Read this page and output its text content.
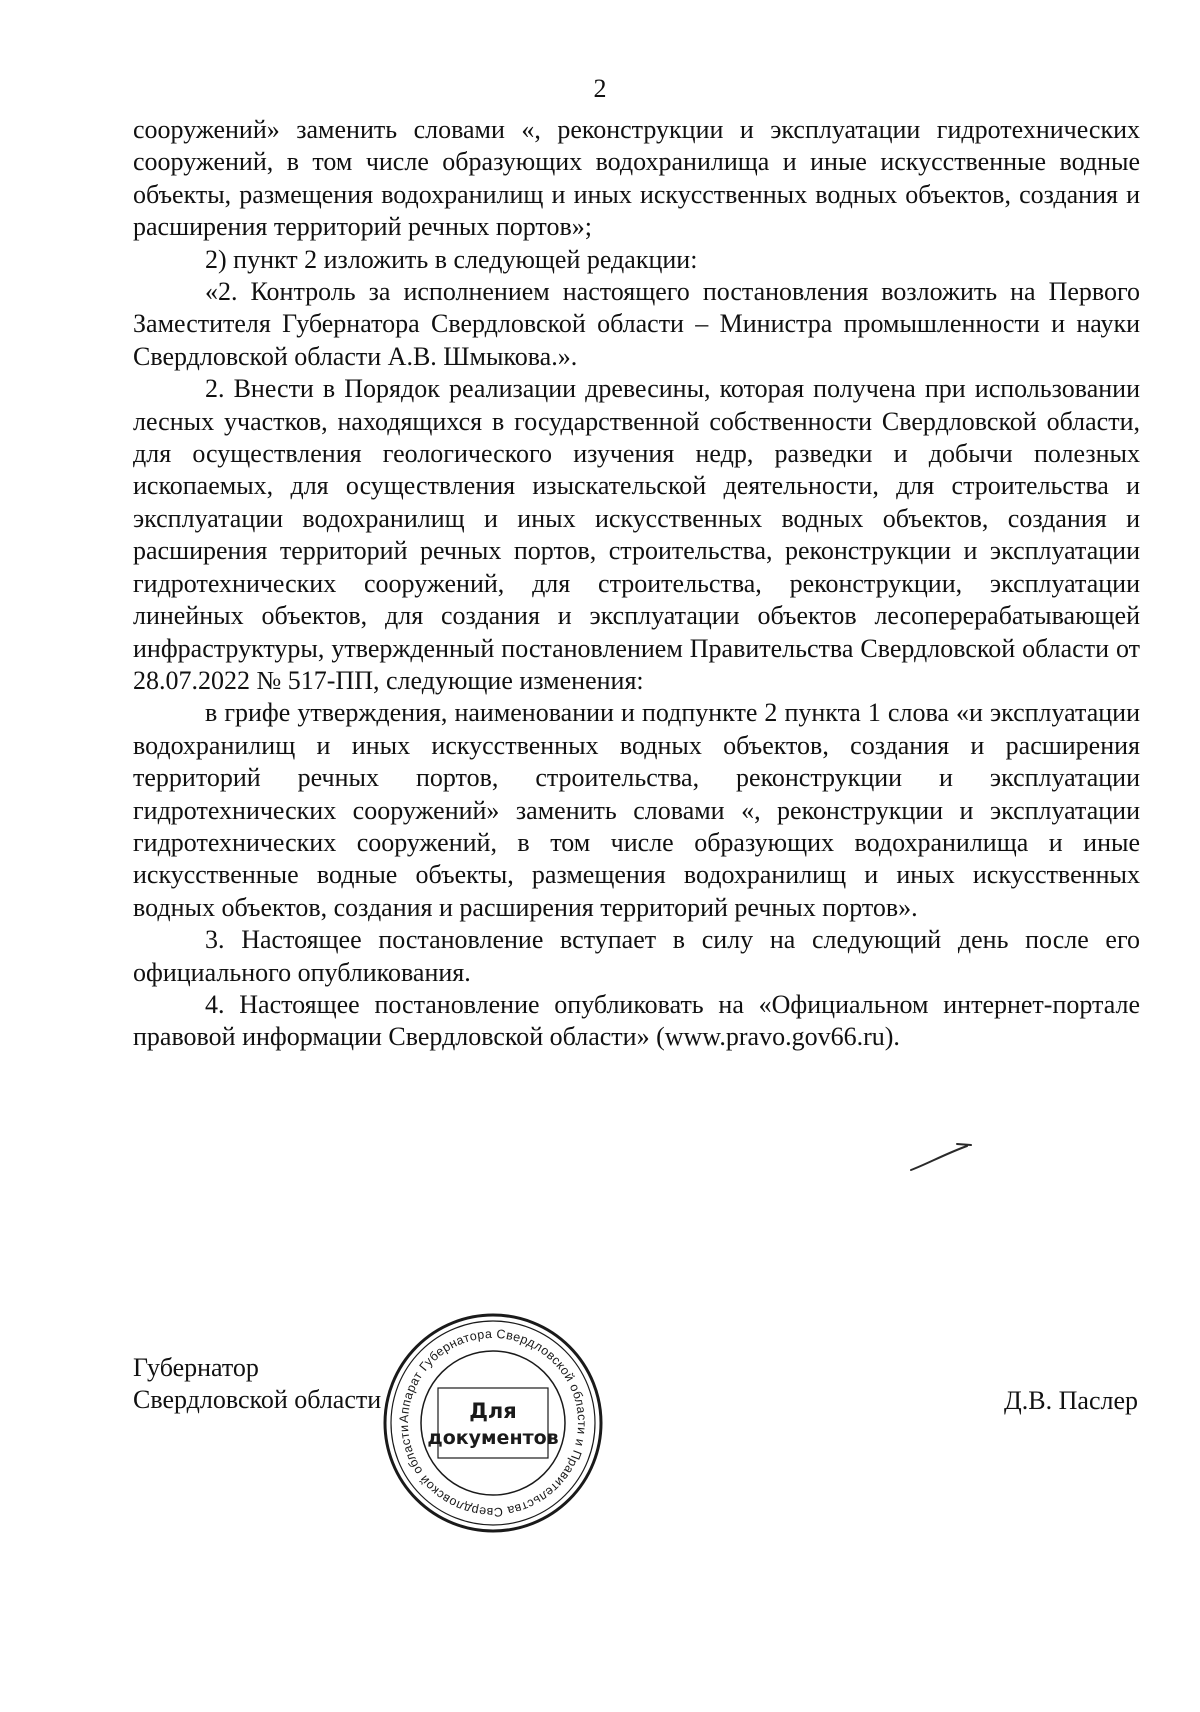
2

сооружений» заменить словами «, реконструкции и эксплуатации гидротехнических сооружений, в том числе образующих водохранилища и иные искусственные водные объекты, размещения водохранилищ и иных искусственных водных объектов, создания и расширения территорий речных портов»;

2) пункт 2 изложить в следующей редакции:

«2. Контроль за исполнением настоящего постановления возложить на Первого Заместителя Губернатора Свердловской области – Министра промышленности и науки Свердловской области А.В. Шмыкова.».

2. Внести в Порядок реализации древесины, которая получена при использовании лесных участков, находящихся в государственной собственности Свердловской области, для осуществления геологического изучения недр, разведки и добычи полезных ископаемых, для осуществления изыскательской деятельности, для строительства и эксплуатации водохранилищ и иных искусственных водных объектов, создания и расширения территорий речных портов, строительства, реконструкции и эксплуатации гидротехнических сооружений, для строительства, реконструкции, эксплуатации линейных объектов, для создания и эксплуатации объектов лесоперерабатывающей инфраструктуры, утвержденный постановлением Правительства Свердловской области от 28.07.2022 № 517-ПП, следующие изменения:

в грифе утверждения, наименовании и подпункте 2 пункта 1 слова «и эксплуатации водохранилищ и иных искусственных водных объектов, создания и расширения территорий речных портов, строительства, реконструкции и эксплуатации гидротехнических сооружений» заменить словами «, реконструкции и эксплуатации гидротехнических сооружений, в том числе образующих водохранилища и иные искусственные водные объекты, размещения водохранилищ и иных искусственных водных объектов, создания и расширения территорий речных портов».

3. Настоящее постановление вступает в силу на следующий день после его официального опубликования.

4. Настоящее постановление опубликовать на «Официальном интернет-портале правовой информации Свердловской области» (www.pravo.gov66.ru).

Губернатор
Свердловской области	Д.В. Паслер
Аппарат Губернатора Свердловской области и Правительства Свердловской области
Для
документов
